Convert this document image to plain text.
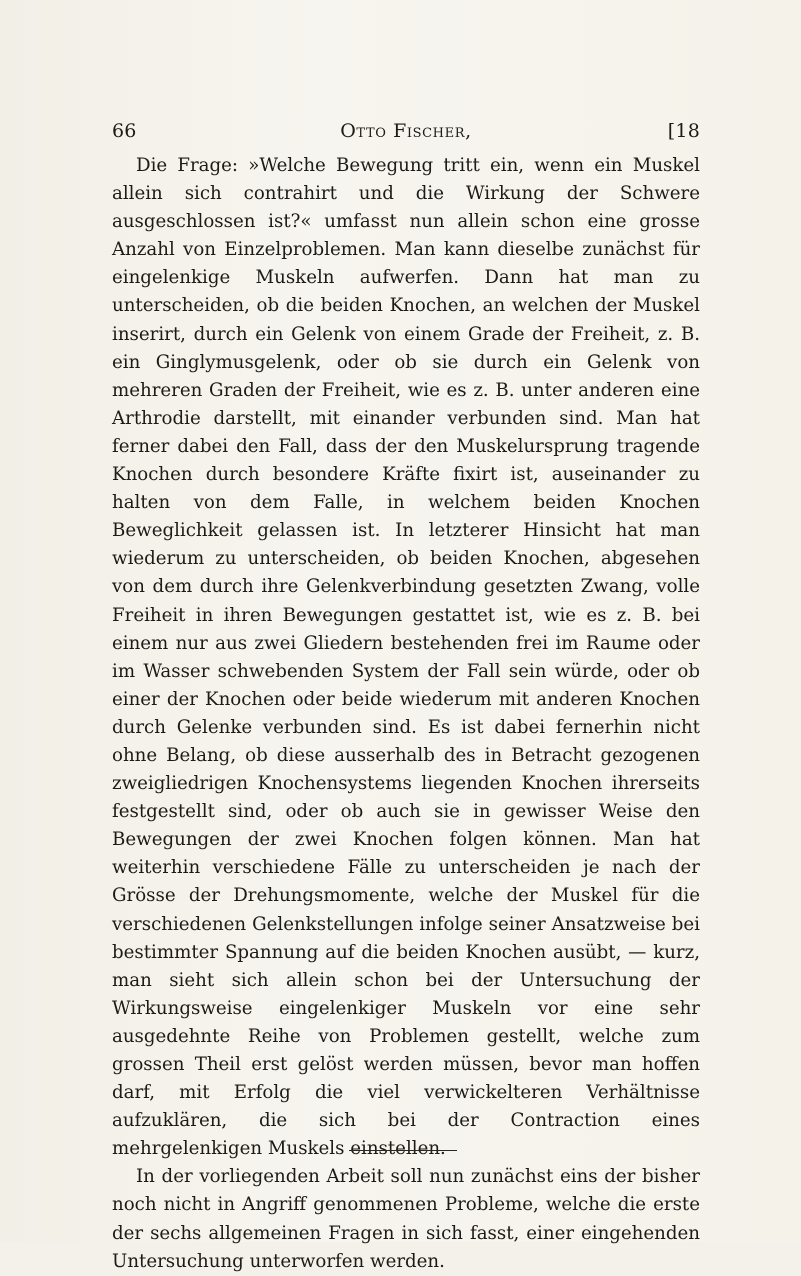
66	Otto Fischer,	[18

Die Frage: »Welche Bewegung tritt ein, wenn ein Muskel allein sich contrahirt und die Wirkung der Schwere ausgeschlossen ist?« umfasst nun allein schon eine grosse Anzahl von Einzelproblemen. Man kann dieselbe zunächst für eingelenkige Muskeln aufwerfen. Dann hat man zu unterscheiden, ob die beiden Knochen, an welchen der Muskel inserirt, durch ein Gelenk von einem Grade der Freiheit, z. B. ein Ginglymusgelenk, oder ob sie durch ein Gelenk von mehreren Graden der Freiheit, wie es z. B. unter anderen eine Arthrodie darstellt, mit einander verbunden sind. Man hat ferner dabei den Fall, dass der den Muskelursprung tragende Knochen durch besondere Kräfte fixirt ist, auseinander zu halten von dem Falle, in welchem beiden Knochen Beweglichkeit gelassen ist. In letzterer Hinsicht hat man wiederum zu unterscheiden, ob beiden Knochen, abgesehen von dem durch ihre Gelenkverbindung gesetzten Zwang, volle Freiheit in ihren Bewegungen gestattet ist, wie es z. B. bei einem nur aus zwei Gliedern bestehenden frei im Raume oder im Wasser schwebenden System der Fall sein würde, oder ob einer der Knochen oder beide wiederum mit anderen Knochen durch Gelenke verbunden sind. Es ist dabei fernerhin nicht ohne Belang, ob diese ausserhalb des in Betracht gezogenen zweigliedrigen Knochensystems liegenden Knochen ihrerseits festgestellt sind, oder ob auch sie in gewisser Weise den Bewegungen der zwei Knochen folgen können. Man hat weiterhin verschiedene Fälle zu unterscheiden je nach der Grösse der Drehungsmomente, welche der Muskel für die verschiedenen Gelenkstellungen infolge seiner Ansatzweise bei bestimmter Spannung auf die beiden Knochen ausübt, — kurz, man sieht sich allein schon bei der Untersuchung der Wirkungsweise eingelenkiger Muskeln vor eine sehr ausgedehnte Reihe von Problemen gestellt, welche zum grossen Theil erst gelöst werden müssen, bevor man hoffen darf, mit Erfolg die viel verwickelteren Verhältnisse aufzuklären, die sich bei der Contraction eines mehrgelenkigen Muskels einstellen.

In der vorliegenden Arbeit soll nun zunächst eins der bisher noch nicht in Angriff genommenen Probleme, welche die erste der sechs allgemeinen Fragen in sich fasst, einer eingehenden Untersuchung unterworfen werden.
